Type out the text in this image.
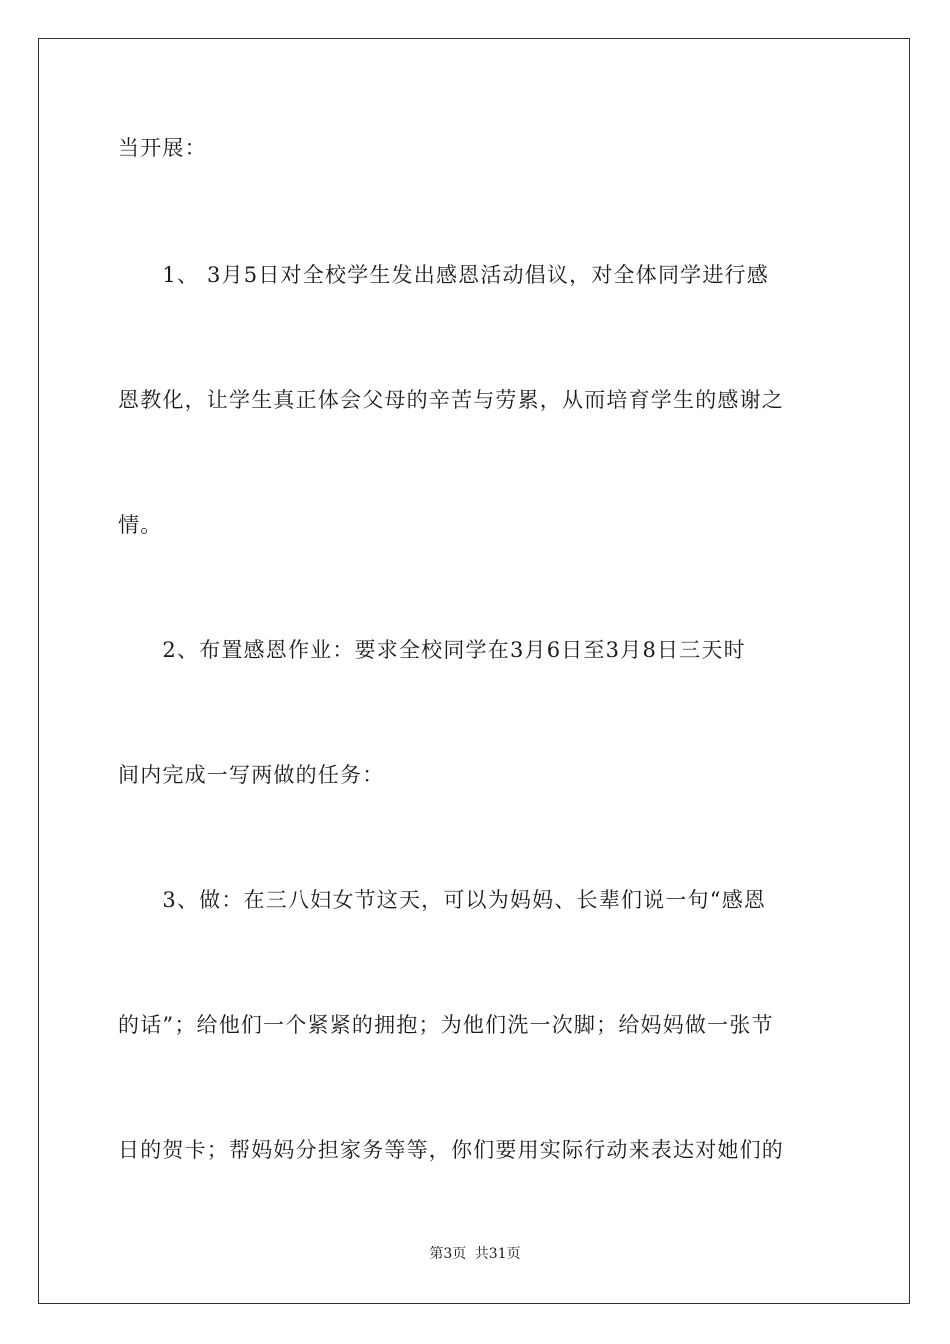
当开展：
　　1、 3月5日对全校学生发出感恩活动倡议，对全体同学进行感
恩教化，让学生真正体会父母的辛苦与劳累，从而培育学生的感谢之
情。
　　2、布置感恩作业：要求全校同学在3月6日至3月8日三天时
间内完成一写两做的任务：
　　3、做：在三八妇女节这天，可以为妈妈、长辈们说一句“感恩
的话”；给他们一个紧紧的拥抱；为他们洗一次脚；给妈妈做一张节
日的贺卡；帮妈妈分担家务等等，你们要用实际行动来表达对她们的
第3页 共31页
